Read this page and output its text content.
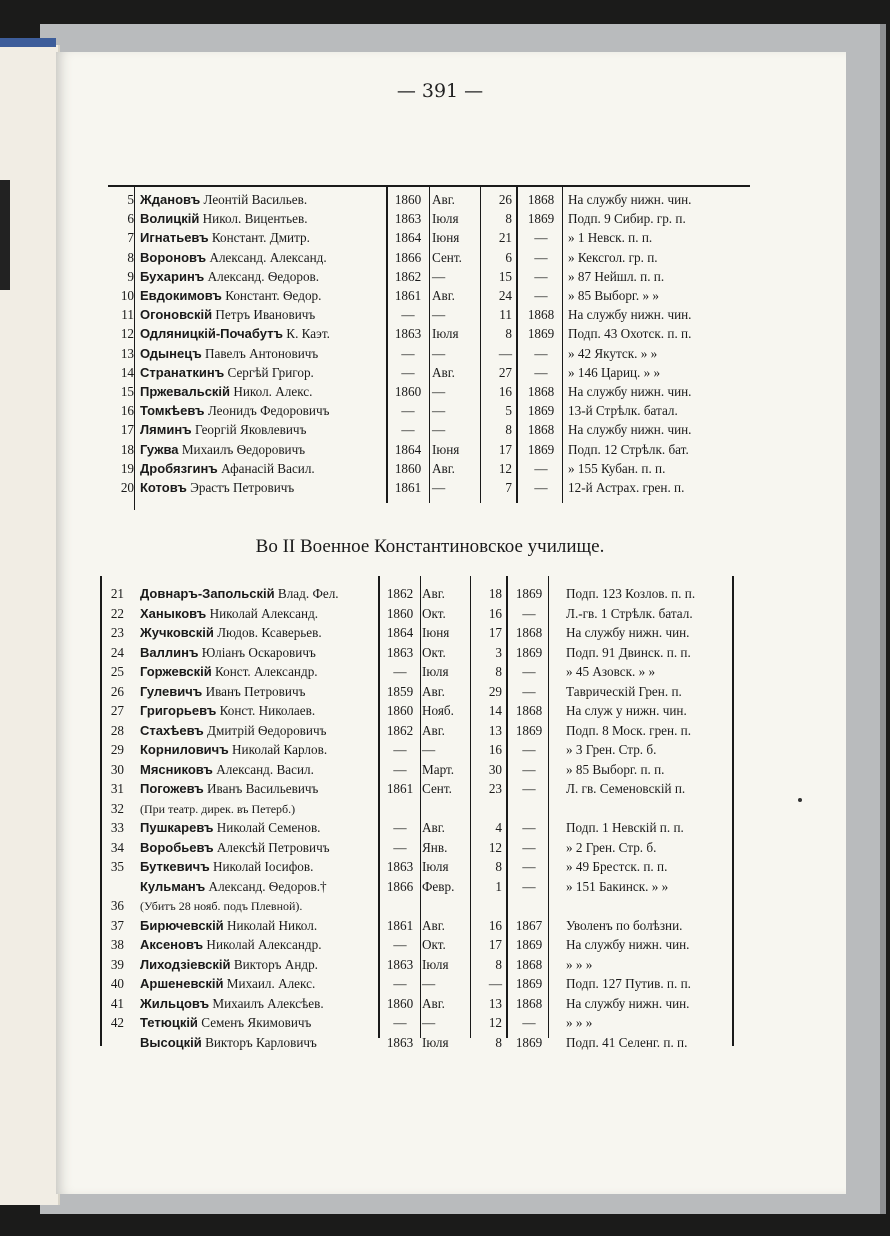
— 391 —
5 Ждановъ Леонтій Васильев.	1860 Авг.	26	1868	На службу нижн. чин.
6 Волицкій Никол. Вицентьев.	1863 Іюля	8	1869	Подп. 9 Сибир. гр. п.
7 Игнатьевъ Констант. Дмитр.	1864 Іюня	21	—	» 1 Невск. п. п.
8 Вороновъ Александ. Александ.	1866 Сент.	6	—	» Кексгол. гр. п.
9 Бухаринъ Александ. Ѳедоров.	1862 —	15	—	» 87 Нейшл. п. п.
10 Евдокимовъ Констант. Ѳедор.	1861 Авг.	24	—	» 85 Выборг. » »
11 Огоновскій Петръ Ивановичъ	—	—	11	1868	На службу нижн. чин.
12 Одляницкій-Почабутъ К. Каэт.	1863 Іюля	8	1869	Подп. 43 Охотск. п. п.
13 Одынецъ Павелъ Антоновичъ	—	—	—	—	» 42 Якутск. » »
14 Странаткинъ Сергѣй Григор.	—	Авг.	27	—	» 146 Цариц. » »
15 Пржевальскій Никол. Алекс.	1860 —	16	1868	На службу нижн. чин.
16 Томкѣевъ Леонидъ Федоровичъ	—	—	5	1869	13-й Стрѣлк. батал.
17 Ляминъ Георгій Яковлевичъ	—	—	8	1868	На службу нижн. чин.
18 Гужва Михаилъ Ѳедоровичъ	1864 Іюня	17	1869	Подп. 12 Стрѣлк. бат.
19 Дробязгинъ Афанасій Васил.	1860 Авг.	12	—	» 155 Кубан. п. п.
20 Котовъ Эрастъ Петровичъ	1861 —	7	—	12-й Астрах. грен. п.
Во II Военное Константиновское училище.
21 Довнаръ-Запольскій Влад. Фел.	1862 Авг.	18	1869	Подп. 123 Козлов. п. п.
22 Ханыковъ Николай Александ.	1860 Окт.	16	—	Л.-гв. 1 Стрѣлк. батал.
23 Жучковскій Людов. Ксаверьев.	1864 Іюня	17	1868	На службу нижн. чин.
24 Валлинъ Юліанъ Оскаровичъ	1863 Окт.	3	1869	Подп. 91 Двинск. п. п.
25 Горжевскій Конст. Александр.	—	Іюля	8	—	» 45 Азовск. » »
26 Гулевичъ Иванъ Петровичъ	1859 Авг.	29	—	Таврическій Грен. п.
27 Григорьевъ Конст. Николаев.	1860 Нояб.	14	1868	На служ у нижн. чин.
28 Стахѣевъ Дмитрій Ѳедоровичъ	1862 Авг.	13	1869	Подп. 8 Моск. грен. п.
29 Корниловичъ Николай Карлов.	—	—	16	—	» 3 Грен. Стр. б.
30 Мясниковъ Александ. Васил.	—	Март.	30	—	» 85 Выборг. п. п.
31 Погожевъ Иванъ Васильевичъ	1861 Сент.	23	—	Л. гв. Семеновскій п.
32 (При театр. дирек. въ Петерб.)
33 Пушкаревъ Николай Семенов.	—	Авг.	4	—	Подп. 1 Невскій п. п.
34 Воробьевъ Алексѣй Петровичъ	—	Янв.	12	—	» 2 Грен. Стр. б.
35 Буткевичъ Николай Іосифов.	1863 Іюля	8	—	» 49 Брестск. п. п.
Кульманъ Александ. Ѳедоров.†	1866 Февр.	1	—	» 151 Бакинск. » »
36 (Убитъ 28 нояб. подъ Плевной).
37 Бирючевскій Николай Никол.	1861 Авг.	16	1867	Уволенъ по болѣзни.
38 Аксеновъ Николай Александр.	—	Окт.	17	1869	На службу нижн. чин.
39 Лиходзіевскій Викторъ Андр.	1863 Іюля	8	1868	» » »
40 Аршеневскій Михаил. Алекс.	—	—	—	1869	Подп. 127 Путив. п. п.
41 Жильцовъ Михаилъ Алексѣев.	1860 Авг.	13	1868	На службу нижн. чин.
42 Тетюцкій Семенъ Якимовичъ	—	—	12	—	» » »
Высоцкій Викторъ Карловичъ	1863 Іюля	8	1869	Подп. 41 Селенг. п. п.
